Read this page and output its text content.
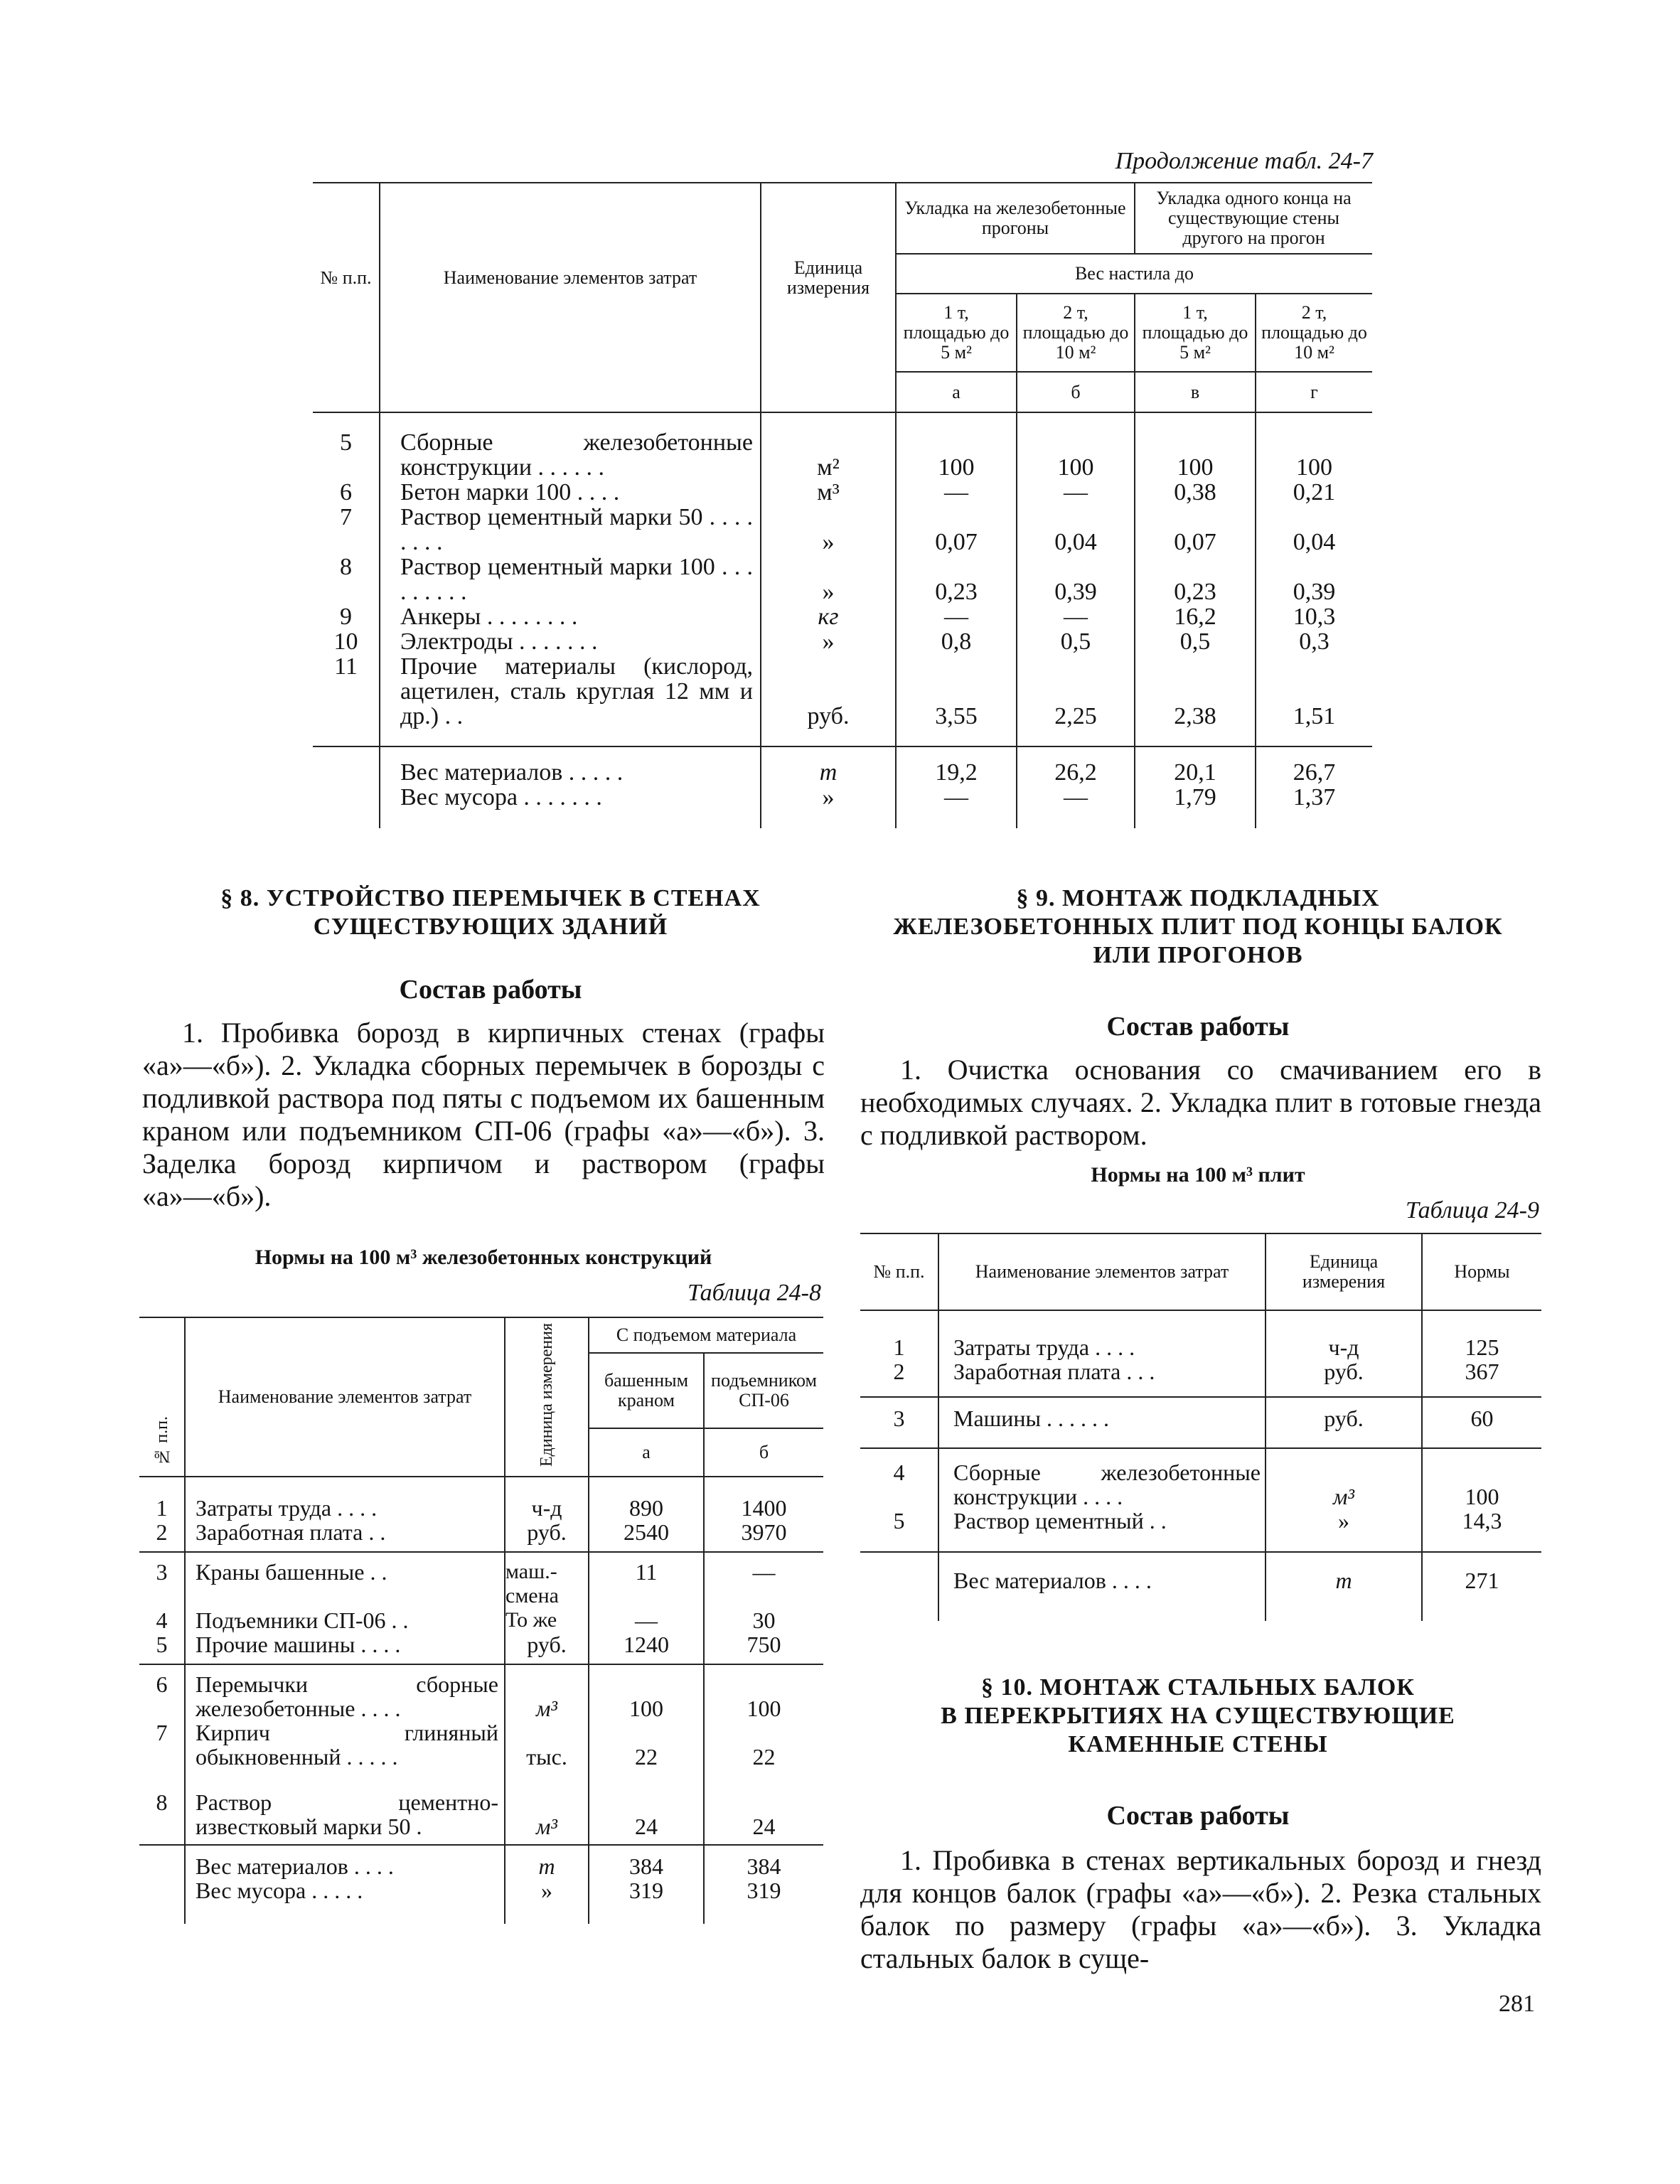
Продолжение табл. 24-7
№ п.п.	Наименование элементов затрат	Единица измерения	Укладка на железобетонные прогоны		Укладка одного конца на существующие стены другого на прогон	
			Вес настила до			
			1 т, площадью до 5 м²	2 т, площадью до 10 м²	1 т, площадью до 5 м²	2 т, площадью до 10 м²
			а	б	в	г
5	Сборные железобетонные конструкции . . . . . .	м²	100	100	100	100
6	Бетон марки 100 . . . .	м³	—	—	0,38	0,21
7	Раствор цементный марки 50 . . . . . . . .	»	0,07	0,04	0,07	0,04
8	Раствор цементный марки 100 . . . . . . . . .	»	0,23	0,39	0,23	0,39
9	Анкеры . . . . . . . .	кг	—	—	16,2	10,3
10	Электроды . . . . . . .	»	0,8	0,5	0,5	0,3
11	Прочие материалы (кислород, ацетилен, сталь круглая 12 мм и др.) . .	руб.	3,55	2,25	2,38	1,51
	Вес материалов . . . . .	т	19,2	26,2	20,1	26,7
	Вес мусора . . . . . . .	»	—	—	1,79	1,37
§ 8. УСТРОЙСТВО ПЕРЕМЫЧЕК В СТЕНАХ
СУЩЕСТВУЮЩИХ ЗДАНИЙ
Состав работы
1. Пробивка борозд в кирпичных стенах (графы «а»—«б»). 2. Укладка сборных перемычек в борозды с подливкой раствора под пяты с подъемом их башенным краном или подъемником СП-06 (графы «а»—«б»). 3. Заделка борозд кирпичом и раствором (графы «а»—«б»).
Нормы на 100 м³ железобетонных конструкций
Таблица 24-8
№ п.п.	Наименование элементов затрат	Единица измерения	С подъемом материала	
			башенным краном	подъемником СП-06
			а	б

1	Затраты труда . . . .	ч-д	890	1400
2	Заработная плата . .	руб.	2540	3970
3	Краны башенные . .	маш.-смена	11	—
4	Подъемники СП-06 . .	То же	—	30
5	Прочие машины . . . .	руб.	1240	750
6	Перемычки сборные железобетонные . . . .	м³	100	100
7	Кирпич глиняный обыкновенный . . . . .	тыс.	22	22
8	Раствор цементно-известковый марки 50 .	м³	24	24
	Вес материалов . . . .	т	384	384
	Вес мусора . . . . .	»	319	319
§ 9. МОНТАЖ ПОДКЛАДНЫХ
ЖЕЛЕЗОБЕТОННЫХ ПЛИТ ПОД КОНЦЫ БАЛОК
ИЛИ ПРОГОНОВ
Состав работы
1. Очистка основания со смачиванием его в необходимых случаях. 2. Укладка плит в готовые гнезда с подливкой раствором.
Нормы на 100 м³ плит
Таблица 24-9
№ п.п.	Наименование элементов затрат	Единица измерения	Нормы
1	Затраты труда . . . .	ч-д	125
2	Заработная плата . . .	руб.	367
3	Машины . . . . . .	руб.	60
4	Сборные железобетонные конструкции . . . .	м³	100
5	Раствор цементный . .	»	14,3
	Вес материалов . . . .	т	271
§ 10. МОНТАЖ СТАЛЬНЫХ БАЛОК
В ПЕРЕКРЫТИЯХ НА СУЩЕСТВУЮЩИЕ
КАМЕННЫЕ СТЕНЫ
Состав работы
1. Пробивка в стенах вертикальных борозд и гнезд для концов балок (графы «а»—«б»). 2. Резка стальных балок по размеру (графы «а»—«б»). 3. Укладка стальных балок в суще-
281
